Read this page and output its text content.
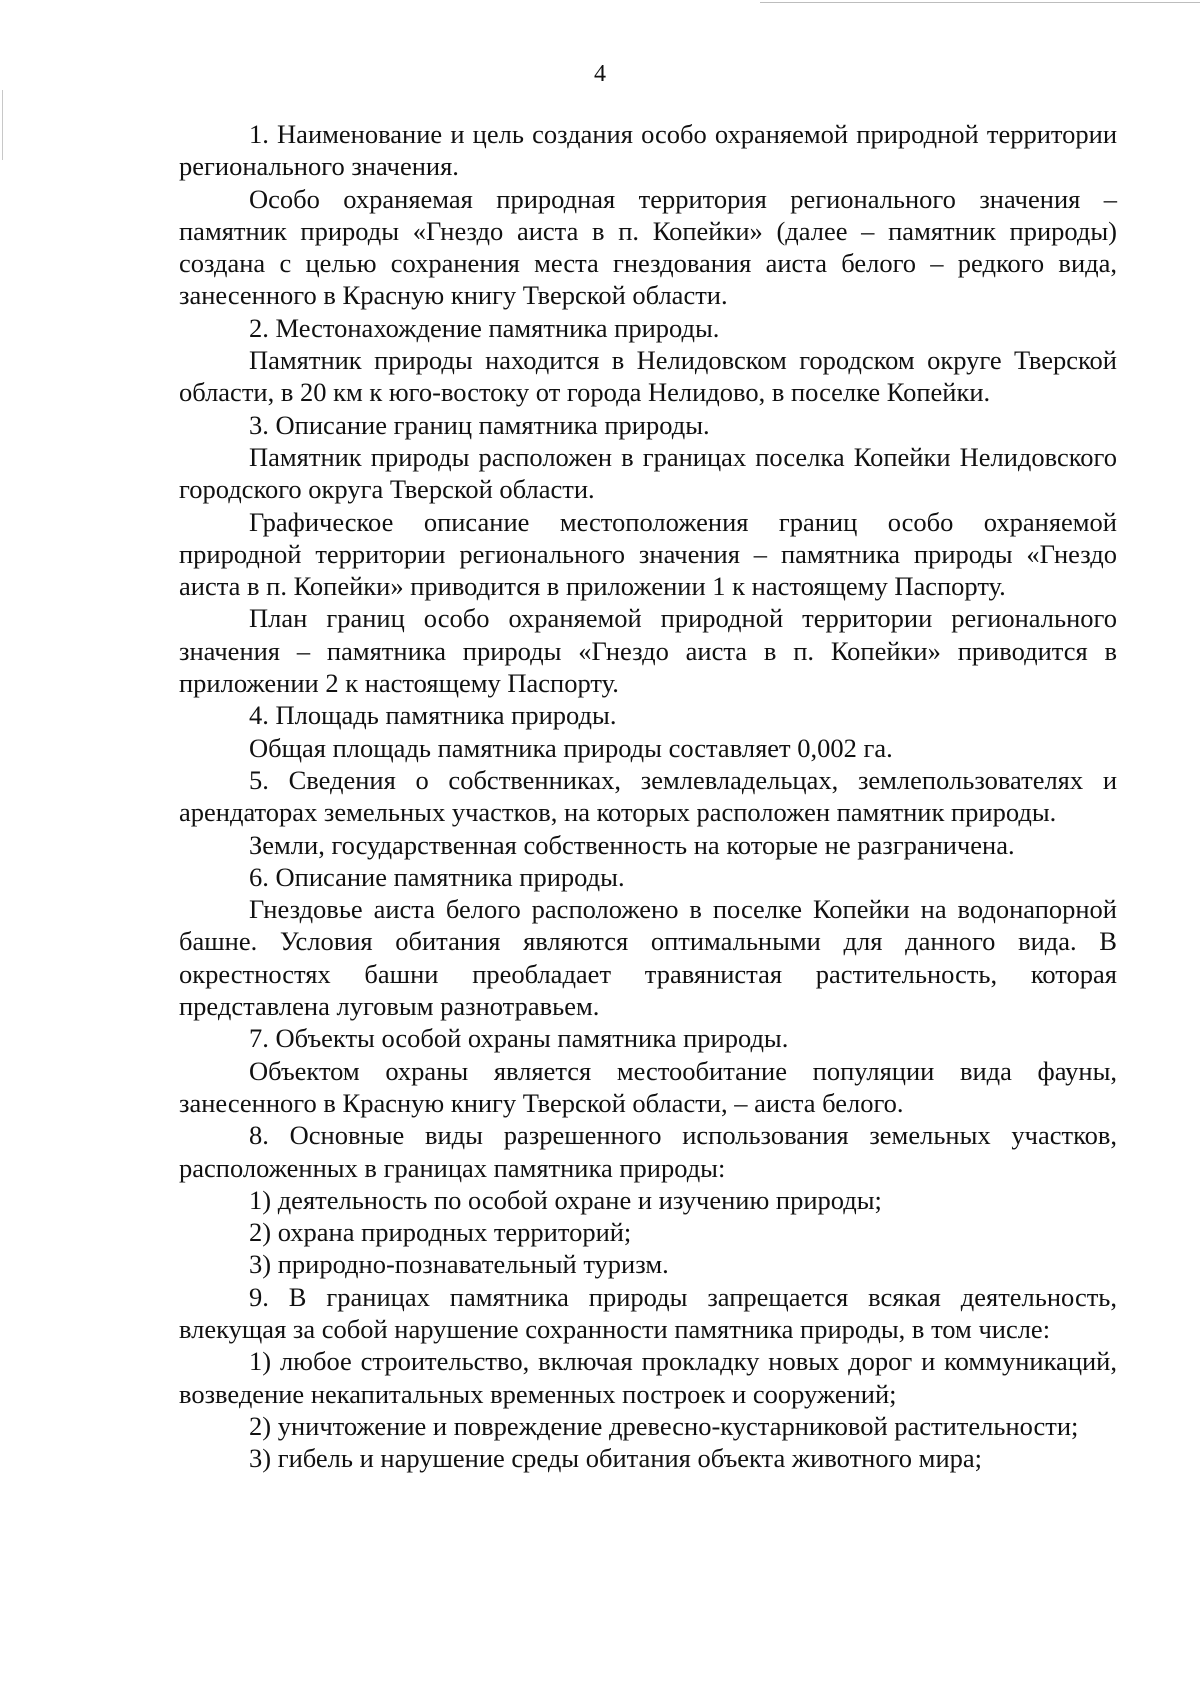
4

1. Наименование и цель создания особо охраняемой природной территории регионального значения.

Особо охраняемая природная территория регионального значения – памятник природы «Гнездо аиста в п. Копейки» (далее – памятник природы) создана с целью сохранения места гнездования аиста белого – редкого вида, занесенного в Красную книгу Тверской области.

2. Местонахождение памятника природы.

Памятник природы находится в Нелидовском городском округе Тверской области, в 20 км к юго-востоку от города Нелидово, в поселке Копейки.

3. Описание границ памятника природы.

Памятник природы расположен в границах поселка Копейки Нелидовского городского округа Тверской области.

Графическое описание местоположения границ особо охраняемой природной территории регионального значения – памятника природы «Гнездо аиста в п. Копейки» приводится в приложении 1 к настоящему Паспорту.

План границ особо охраняемой природной территории регионального значения – памятника природы «Гнездо аиста в п. Копейки» приводится в приложении 2 к настоящему Паспорту.

4. Площадь памятника природы.

Общая площадь памятника природы составляет 0,002 га.

5. Сведения о собственниках, землевладельцах, землепользователях и арендаторах земельных участков, на которых расположен памятник природы.

Земли, государственная собственность на которые не разграничена.

6. Описание памятника природы.

Гнездовье аиста белого расположено в поселке Копейки на водонапорной башне. Условия обитания являются оптимальными для данного вида. В окрестностях башни преобладает травянистая растительность, которая представлена луговым разнотравьем.

7. Объекты особой охраны памятника природы.

Объектом охраны является местообитание популяции вида фауны, занесенного в Красную книгу Тверской области, – аиста белого.

8. Основные виды разрешенного использования земельных участков, расположенных в границах памятника природы:

1) деятельность по особой охране и изучению природы;

2) охрана природных территорий;

3) природно-познавательный туризм.

9. В границах памятника природы запрещается всякая деятельность, влекущая за собой нарушение сохранности памятника природы, в том числе:

1) любое строительство, включая прокладку новых дорог и коммуникаций, возведение некапитальных временных построек и сооружений;

2) уничтожение и повреждение древесно-кустарниковой растительности;

3) гибель и нарушение среды обитания объекта животного мира;
